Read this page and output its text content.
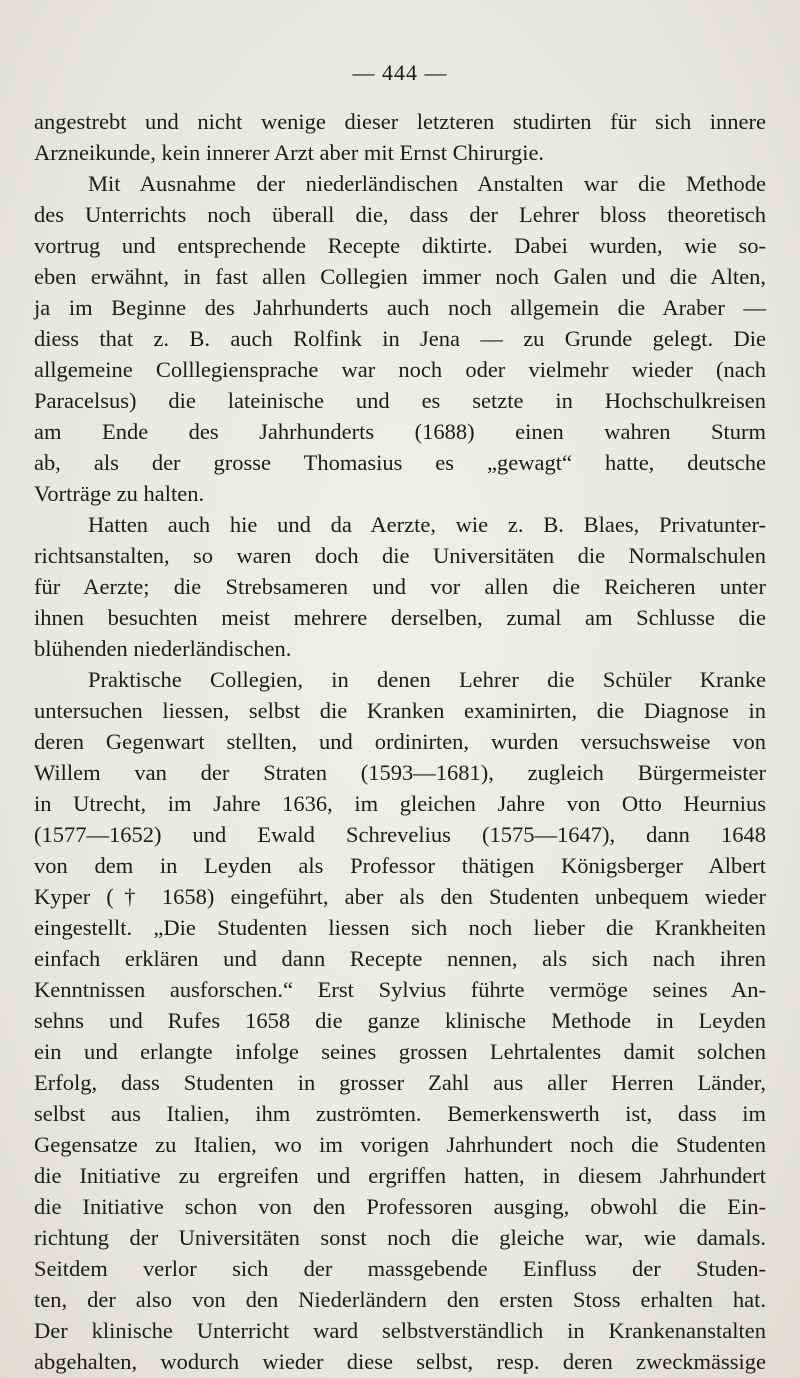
— 444 —
angestrebt und nicht wenige dieser letzteren studirten für sich innere
Arzneikunde, kein innerer Arzt aber mit Ernst Chirurgie.
Mit Ausnahme der niederländischen Anstalten war die Methode
des Unterrichts noch überall die, dass der Lehrer bloss theoretisch
vortrug und entsprechende Recepte diktirte. Dabei wurden, wie so-
eben erwähnt, in fast allen Collegien immer noch Galen und die Alten,
ja im Beginne des Jahrhunderts auch noch allgemein die Araber —
diess that z. B. auch Rolfink in Jena — zu Grunde gelegt. Die
allgemeine Colllegiensprache war noch oder vielmehr wieder (nach
Paracelsus) die lateinische und es setzte in Hochschulkreisen
am Ende des Jahrhunderts (1688) einen wahren Sturm
ab, als der grosse Thomasius es „gewagt“ hatte, deutsche
Vorträge zu halten.
Hatten auch hie und da Aerzte, wie z. B. Blaes, Privatunter-
richtsanstalten, so waren doch die Universitäten die Normalschulen
für Aerzte; die Strebsameren und vor allen die Reicheren unter
ihnen besuchten meist mehrere derselben, zumal am Schlusse die
blühenden niederländischen.
Praktische Collegien, in denen Lehrer die Schüler Kranke
untersuchen liessen, selbst die Kranken examinirten, die Diagnose in
deren Gegenwart stellten, und ordinirten, wurden versuchsweise von
Willem van der Straten (1593—1681), zugleich Bürgermeister
in Utrecht, im Jahre 1636, im gleichen Jahre von Otto Heurnius
(1577—1652) und Ewald Schrevelius (1575—1647), dann 1648
von dem in Leyden als Professor thätigen Königsberger Albert
Kyper († 1658) eingeführt, aber als den Studenten unbequem wieder
eingestellt. „Die Studenten liessen sich noch lieber die Krankheiten
einfach erklären und dann Recepte nennen, als sich nach ihren
Kenntnissen ausforschen.“ Erst Sylvius führte vermöge seines An-
sehns und Rufes 1658 die ganze klinische Methode in Leyden
ein und erlangte infolge seines grossen Lehrtalentes damit solchen
Erfolg, dass Studenten in grosser Zahl aus aller Herren Länder,
selbst aus Italien, ihm zuströmten. Bemerkenswerth ist, dass im
Gegensatze zu Italien, wo im vorigen Jahrhundert noch die Studenten
die Initiative zu ergreifen und ergriffen hatten, in diesem Jahrhundert
die Initiative schon von den Professoren ausging, obwohl die Ein-
richtung der Universitäten sonst noch die gleiche war, wie damals.
Seitdem verlor sich der massgebende Einfluss der Studen-
ten, der also von den Niederländern den ersten Stoss erhalten hat.
Der klinische Unterricht ward selbstverständlich in Krankenanstalten
abgehalten, wodurch wieder diese selbst, resp. deren zweckmässige
